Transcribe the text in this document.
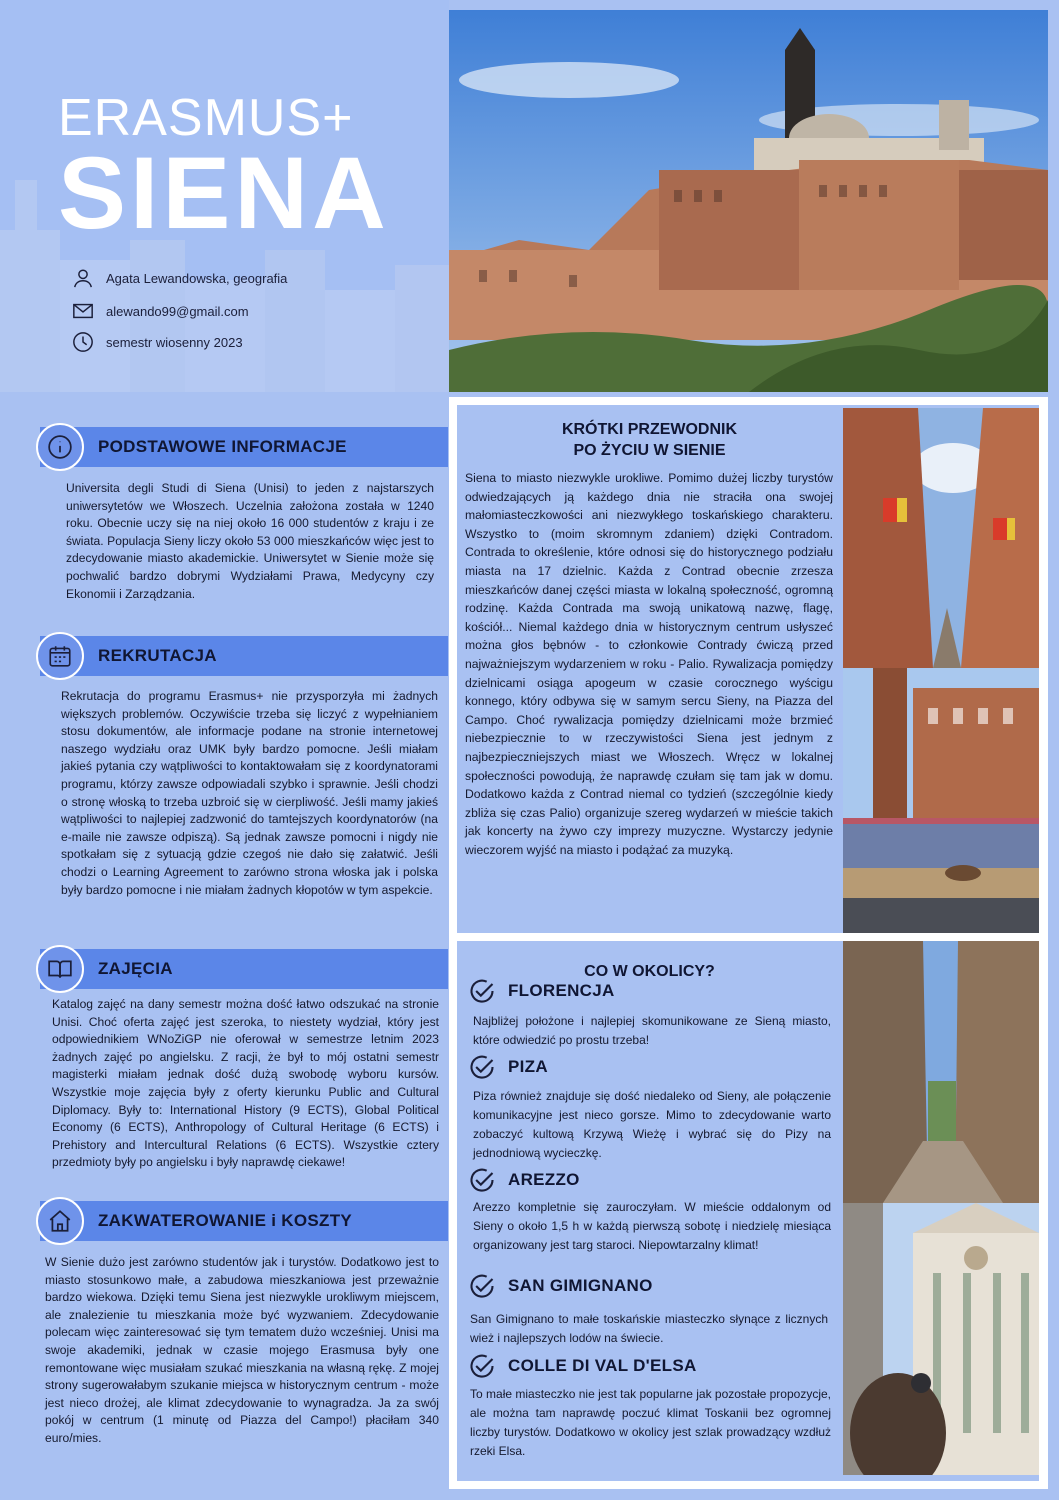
ERASMUS+
SIENA
Agata Lewandowska, geografia
alewando99@gmail.com
semestr wiosenny 2023
PODSTAWOWE INFORMACJE
Universita degli Studi di Siena (Unisi) to jeden z najstarszych uniwersytetów we Włoszech. Uczelnia założona została w 1240 roku. Obecnie uczy się na niej około 16 000 studentów z kraju i ze świata. Populacja Sieny liczy około 53 000 mieszkańców więc jest to zdecydowanie miasto akademickie. Uniwersytet w Sienie może się pochwalić bardzo dobrymi Wydziałami Prawa, Medycyny czy Ekonomii i Zarządzania.
REKRUTACJA
Rekrutacja do programu Erasmus+ nie przysporzyła mi żadnych większych problemów. Oczywiście trzeba się liczyć z wypełnianiem stosu dokumentów, ale informacje podane na stronie internetowej naszego wydziału oraz UMK były bardzo pomocne. Jeśli miałam jakieś pytania czy wątpliwości to kontaktowałam się z koordynatorami programu, którzy zawsze odpowiadali szybko i sprawnie. Jeśli chodzi o stronę włoską to trzeba uzbroić się w cierpliwość. Jeśli mamy jakieś wątpliwości to najlepiej zadzwonić do tamtejszych koordynatorów (na e-maile nie zawsze odpiszą). Są jednak zawsze pomocni i nigdy nie spotkałam się z sytuacją gdzie czegoś nie dało się załatwić. Jeśli chodzi o Learning Agreement to zarówno strona włoska jak i polska były bardzo pomocne i nie miałam żadnych kłopotów w tym aspekcie.
ZAJĘCIA
Katalog zajęć na dany semestr można dość łatwo odszukać na stronie Unisi. Choć oferta zajęć jest szeroka, to niestety wydział, który jest odpowiednikiem WNoZiGP nie oferował w semestrze letnim 2023 żadnych zajęć po angielsku. Z racji, że był to mój ostatni semestr magisterki miałam jednak dość dużą swobodę wyboru kursów. Wszystkie moje zajęcia były z oferty kierunku Public and Cultural Diplomacy. Były to: International History (9 ECTS), Global Political Economy (6 ECTS), Anthropology of Cultural Heritage (6 ECTS) i Prehistory and Intercultural Relations (6 ECTS). Wszystkie cztery przedmioty były po angielsku i były naprawdę ciekawe!
ZAKWATEROWANIE i KOSZTY
W Sienie dużo jest zarówno studentów jak i turystów. Dodatkowo jest to miasto stosunkowo małe, a zabudowa mieszkaniowa jest przeważnie bardzo wiekowa. Dzięki temu Siena jest niezwykle urokliwym miejscem, ale znalezienie tu mieszkania może być wyzwaniem. Zdecydowanie polecam więc zainteresować się tym tematem dużo wcześniej. Unisi ma swoje akademiki, jednak w czasie mojego Erasmusa były one remontowane więc musiałam szukać mieszkania na własną rękę. Z mojej strony sugerowałabym szukanie miejsca w historycznym centrum - może jest nieco drożej, ale klimat zdecydowanie to wynagradza. Ja za swój pokój w centrum (1 minutę od Piazza del Campo!) płaciłam 340 euro/mies.
KRÓTKI PRZEWODNIK
PO ŻYCIU W SIENIE
Siena to miasto niezwykle urokliwe. Pomimo dużej liczby turystów odwiedzających ją każdego dnia nie straciła ona swojej małomiasteczkowości ani niezwykłego toskańskiego charakteru. Wszystko to (moim skromnym zdaniem) dzięki Contradom. Contrada to określenie, które odnosi się do historycznego podziału miasta na 17 dzielnic. Każda z Contrad obecnie zrzesza mieszkańców danej części miasta w lokalną społeczność, ogromną rodzinę. Każda Contrada ma swoją unikatową nazwę, flagę, kościół... Niemal każdego dnia w historycznym centrum usłyszeć można głos bębnów - to członkowie Contrady ćwiczą przed najważniejszym wydarzeniem w roku - Palio. Rywalizacja pomiędzy dzielnicami osiąga apogeum w czasie corocznego wyścigu konnego, który odbywa się w samym sercu Sieny, na Piazza del Campo. Choć rywalizacja pomiędzy dzielnicami może brzmieć niebezpiecznie to w rzeczywistości Siena jest jednym z najbezpieczniejszych miast we Włoszech. Wręcz w lokalnej społeczności powodują, że naprawdę czułam się tam jak w domu. Dodatkowo każda z Contrad niemal co tydzień (szczególnie kiedy zbliża się czas Palio) organizuje szereg wydarzeń w mieście takich jak koncerty na żywo czy imprezy muzyczne. Wystarczy jedynie wieczorem wyjść na miasto i podążać za muzyką.
CO W OKOLICY?
FLORENCJA
Najbliżej położone i najlepiej skomunikowane ze Sieną miasto, które odwiedzić po prostu trzeba!
PIZA
Piza również znajduje się dość niedaleko od Sieny, ale połączenie komunikacyjne jest nieco gorsze. Mimo to zdecydowanie warto zobaczyć kultową Krzywą Wieżę i wybrać się do Pizy na jednodniową wycieczkę.
AREZZO
Arezzo kompletnie się zauroczyłam. W mieście oddalonym od Sieny o około 1,5 h w każdą pierwszą sobotę i niedzielę miesiąca organizowany jest targ staroci. Niepowtarzalny klimat!
SAN GIMIGNANO
San Gimignano to małe toskańskie miasteczko słynące z licznych wież i najlepszych lodów na świecie.
COLLE DI VAL D'ELSA
To małe miasteczko nie jest tak popularne jak pozostałe propozycje, ale można tam naprawdę poczuć klimat Toskanii bez ogromnej liczby turystów. Dodatkowo w okolicy jest szlak prowadzący wzdłuż rzeki Elsa.
